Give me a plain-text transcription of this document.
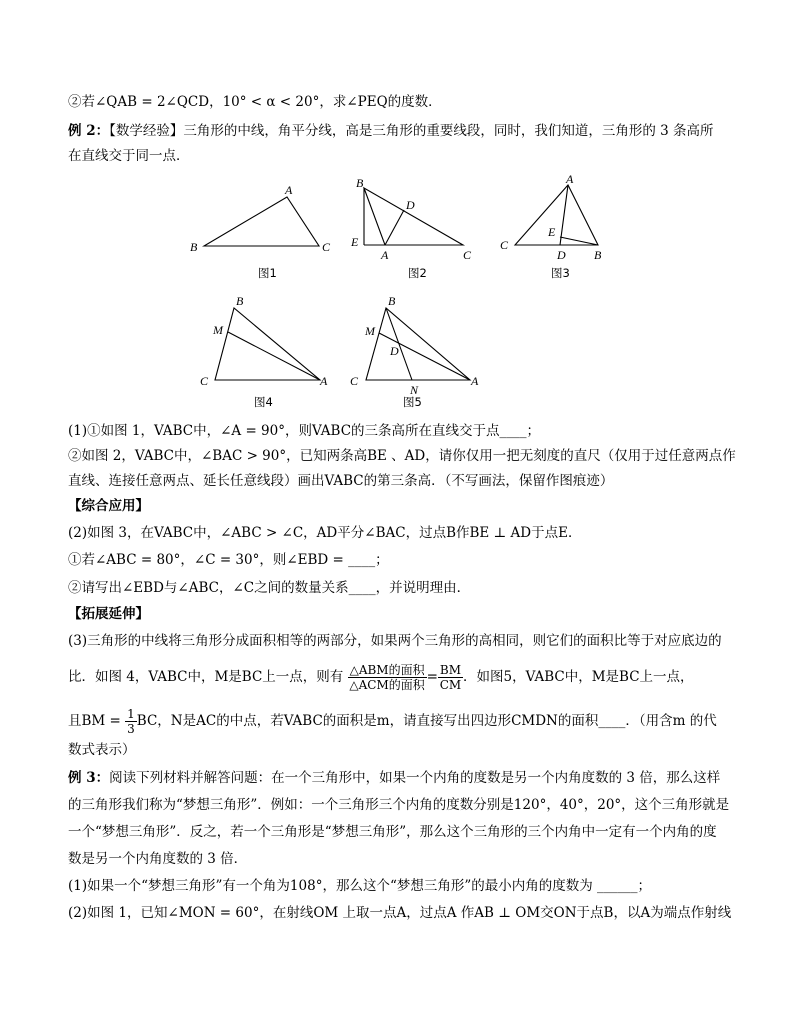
②若∠QAB = 2∠QCD，10° < α < 20°，求∠PEQ的度数．
例 2：【数学经验】三角形的中线，角平分线，高是三角形的重要线段，同时，我们知道，三角形的 3 条高所
在直线交于同一点．
B
A
C
图1
B
D
E
A	C
图2
A
E
C
D B
图3
B
M
C	A
图4
B
M
D
C
N
A
图5
(1)①如图 1，VABC中，∠A = 90°，则VABC的三条高所在直线交于点____；
②如图 2，VABC中，∠BAC > 90°，已知两条高BE 、AD，请你仅用一把无刻度的直尺（仅用于过任意两点作
直线、连接任意两点、延长任意线段）画出VABC的第三条高．（不写画法，保留作图痕迹）
【综合应用】
(2)如图 3，在VABC中，∠ABC > ∠C，AD平分∠BAC，过点B作BE ⊥ AD于点E．
①若∠ABC = 80°，∠C = 30°，则∠EBD = ____；
②请写出∠EBD与∠ABC，∠C之间的数量关系____，并说明理由．
【拓展延伸】
(3)三角形的中线将三角形分成面积相等的两部分，如果两个三角形的高相同，则它们的面积比等于对应底边的
比．如图 4，VABC中，M是BC上一点，则有 $\frac{\text{△ABM的面积}}{\text{△ACM的面积}} = \frac{BM}{CM}$ ．如图5，VABC中，M是BC上一点，
且BM = $\frac{1}{3}$ BC，N是AC的中点，若VABC的面积是m，请直接写出四边形CMDN的面积____．（用含m 的代
数式表示）
例 3：阅读下列材料并解答问题：在一个三角形中，如果一个内角的度数是另一个内角度数的 3 倍，那么这样
的三角形我们称为“梦想三角形”．例如：一个三角形三个内角的度数分别是120°，40°，20°，这个三角形就是
一个“梦想三角形”．反之，若一个三角形是“梦想三角形”，那么这个三角形的三个内角中一定有一个内角的度
数是另一个内角度数的 3 倍．
(1)如果一个“梦想三角形”有一个角为108°，那么这个“梦想三角形”的最小内角的度数为 ______；
(2)如图 1，已知∠MON = 60°，在射线OM 上取一点A，过点A 作AB ⊥ OM交ON于点B，以A为端点作射线
